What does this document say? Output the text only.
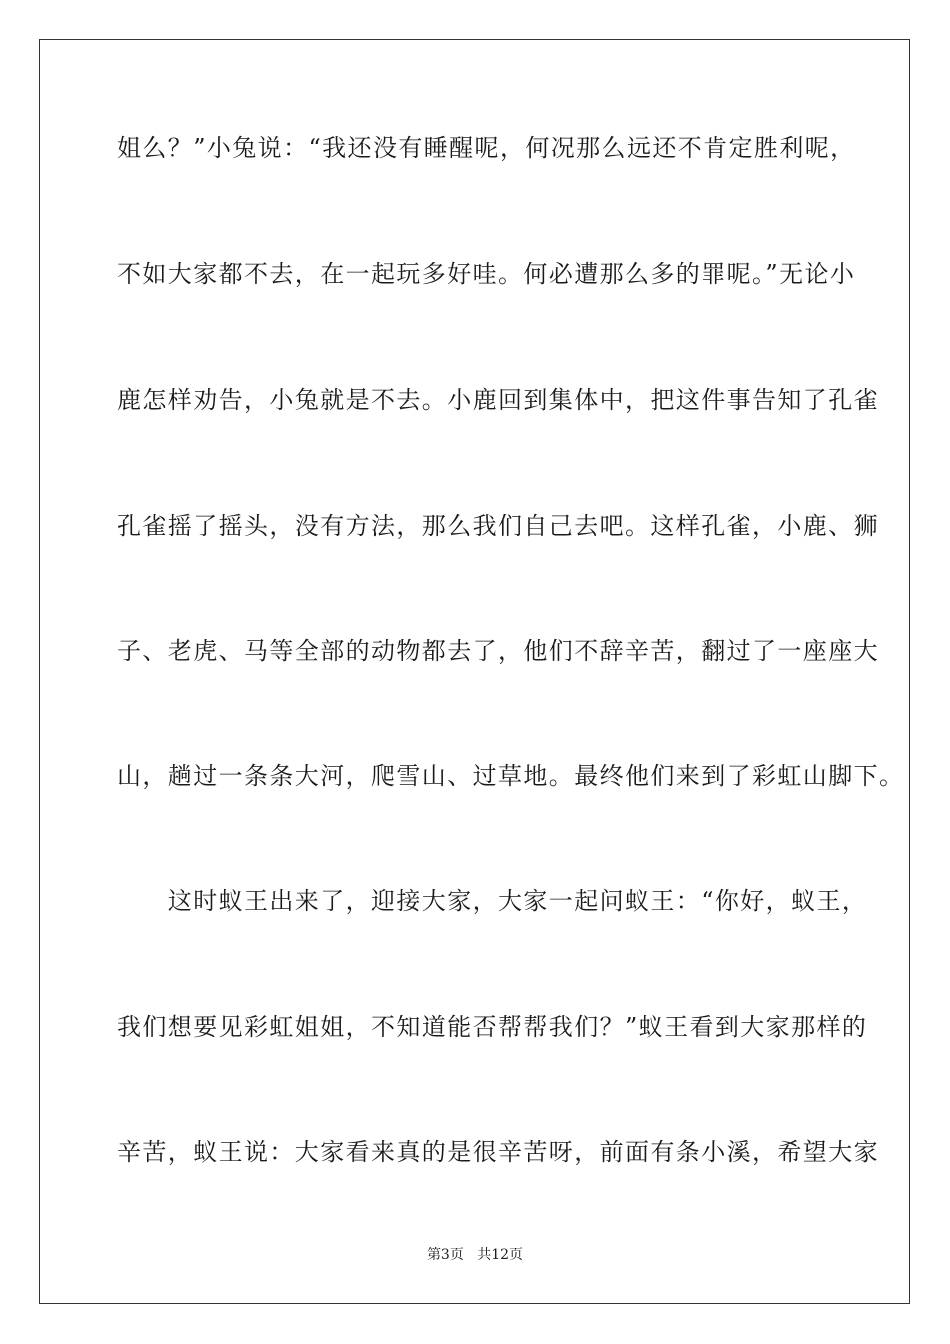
姐么？”小兔说：“我还没有睡醒呢，何况那么远还不肯定胜利呢，
不如大家都不去，在一起玩多好哇。何必遭那么多的罪呢。”无论小
鹿怎样劝告，小兔就是不去。小鹿回到集体中，把这件事告知了孔雀
孔雀摇了摇头，没有方法，那么我们自己去吧。这样孔雀，小鹿、狮
子、老虎、马等全部的动物都去了，他们不辞辛苦，翻过了一座座大
山，趟过一条条大河，爬雪山、过草地。最终他们来到了彩虹山脚下。
　　这时蚁王出来了，迎接大家，大家一起问蚁王：“你好，蚁王，
我们想要见彩虹姐姐，不知道能否帮帮我们？”蚁王看到大家那样的
辛苦，蚁王说：大家看来真的是很辛苦呀，前面有条小溪，希望大家
第3页 共12页
